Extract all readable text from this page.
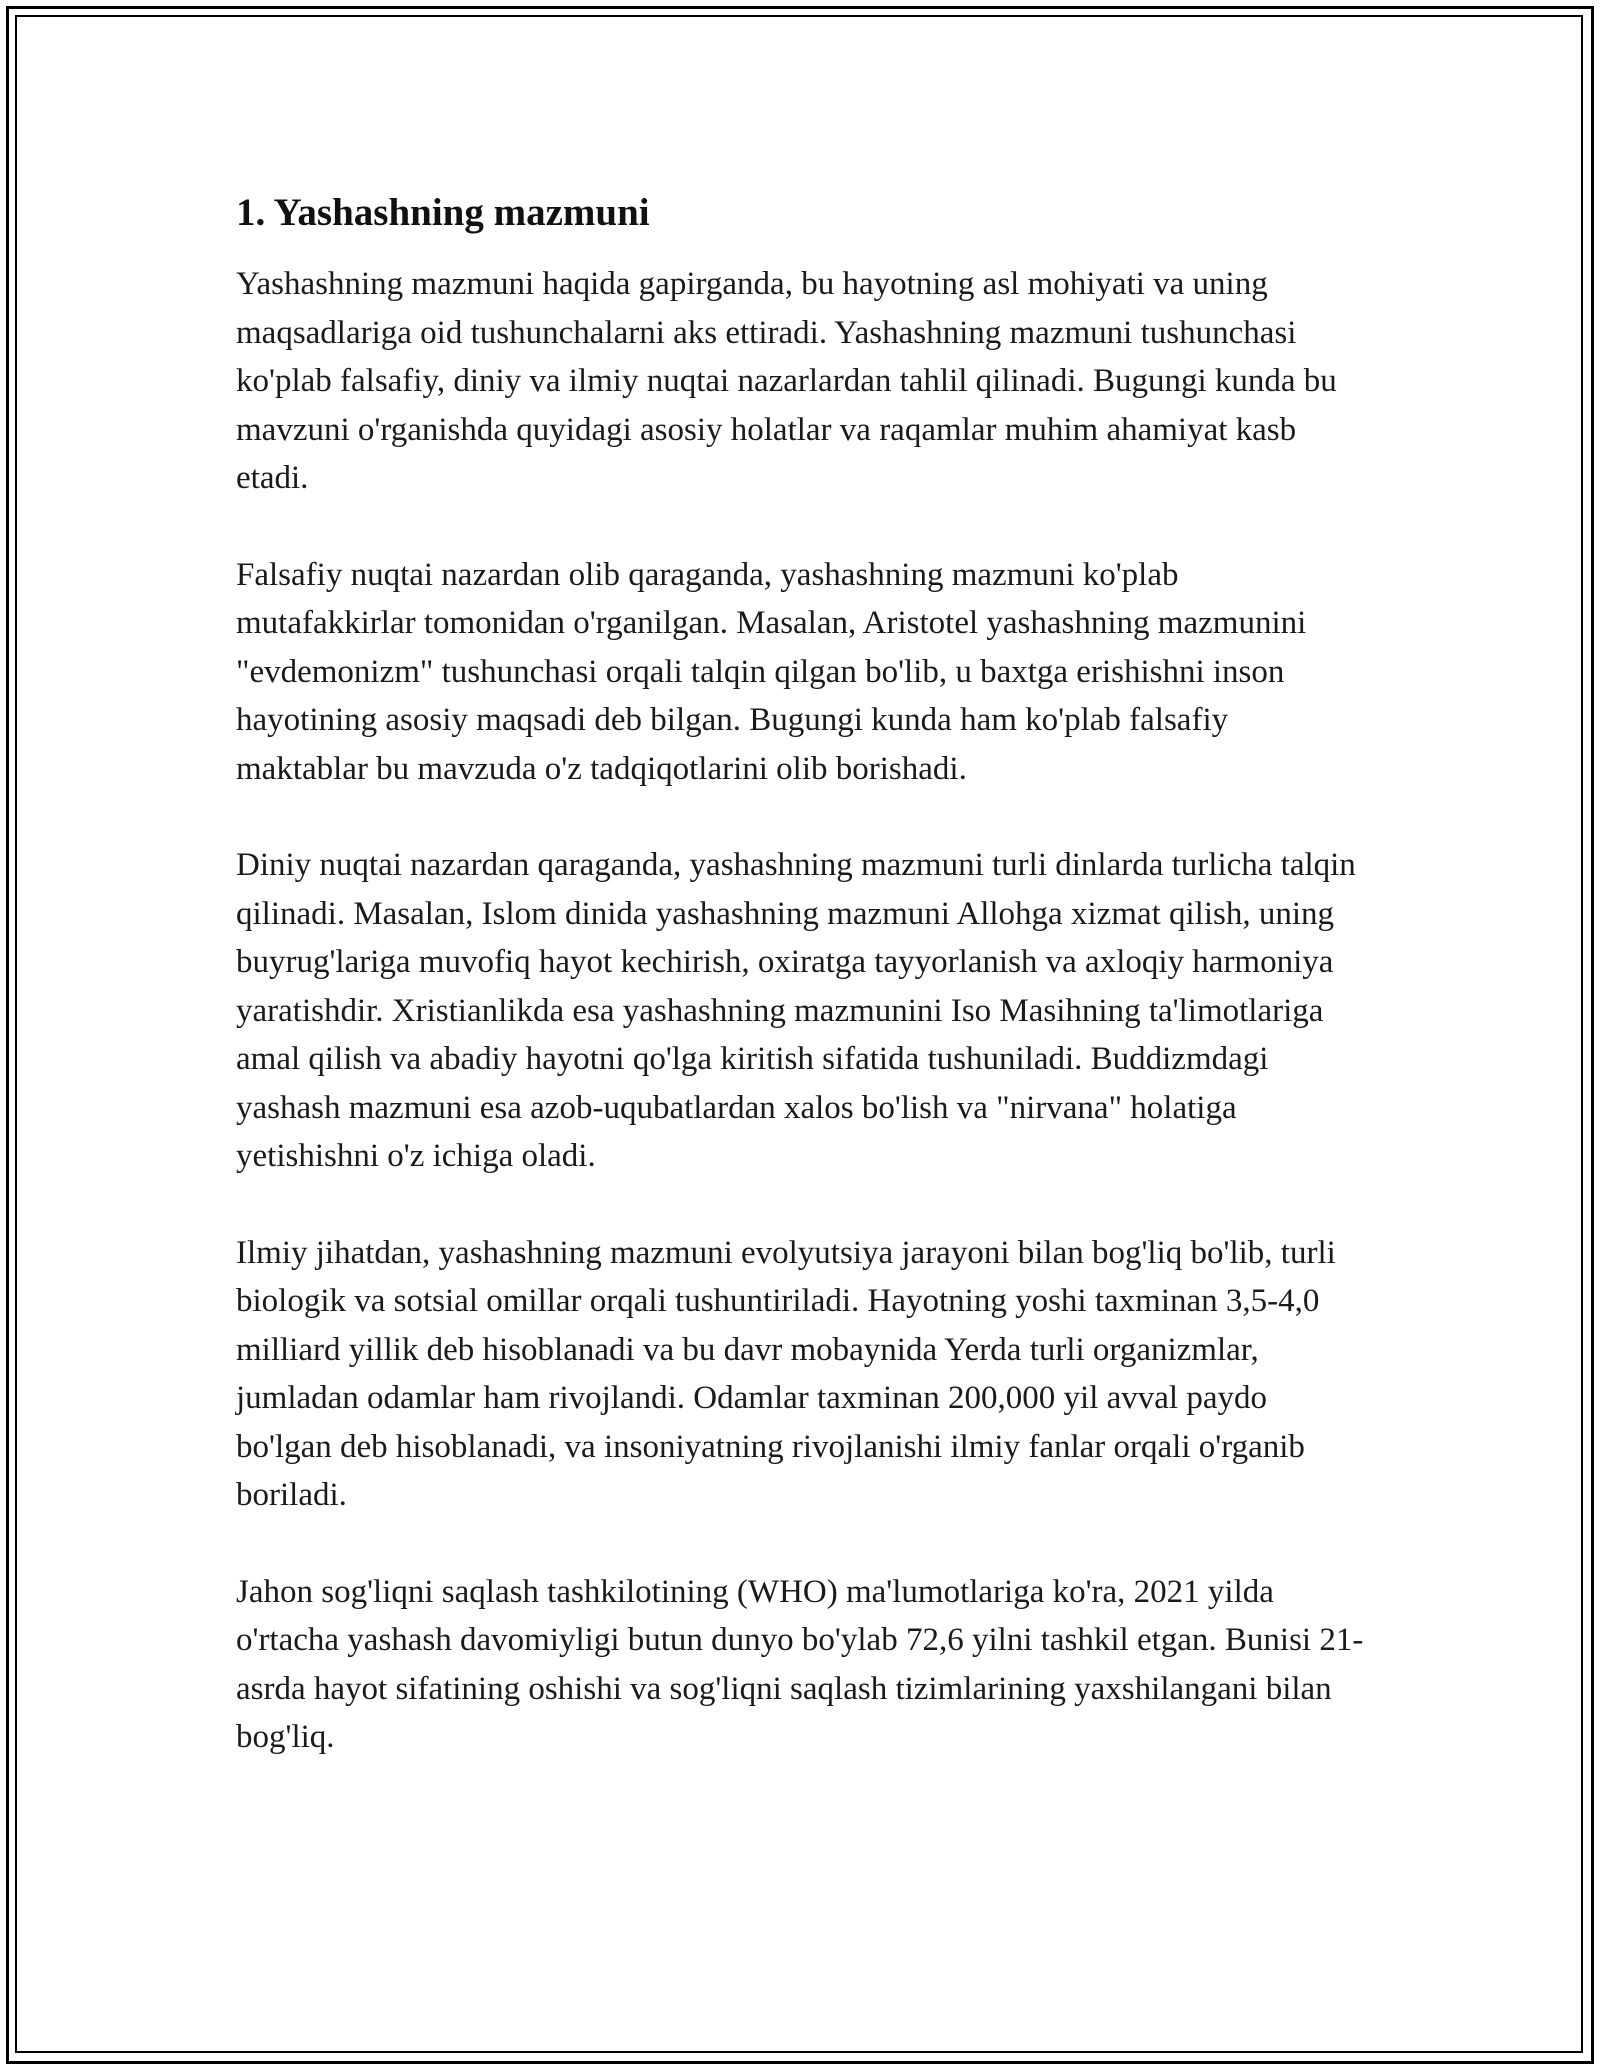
1. Yashashning mazmuni

Yashashning mazmuni haqida gapirganda, bu hayotning asl mohiyati va uning maqsadlariga oid tushunchalarni aks ettiradi. Yashashning mazmuni tushunchasi ko'plab falsafiy, diniy va ilmiy nuqtai nazarlardan tahlil qilinadi. Bugungi kunda bu mavzuni o'rganishda quyidagi asosiy holatlar va raqamlar muhim ahamiyat kasb etadi.

Falsafiy nuqtai nazardan olib qaraganda, yashashning mazmuni ko'plab mutafakkirlar tomonidan o'rganilgan. Masalan, Aristotel yashashning mazmunini "evdemonizm" tushunchasi orqali talqin qilgan bo'lib, u baxtga erishishni inson hayotining asosiy maqsadi deb bilgan. Bugungi kunda ham ko'plab falsafiy maktablar bu mavzuda o'z tadqiqotlarini olib borishadi.

Diniy nuqtai nazardan qaraganda, yashashning mazmuni turli dinlarda turlicha talqin qilinadi. Masalan, Islom dinida yashashning mazmuni Allohga xizmat qilish, uning buyrug'lariga muvofiq hayot kechirish, oxiratga tayyorlanish va axloqiy harmoniya yaratishdir. Xristianlikda esa yashashning mazmunini Iso Masihning ta'limotlariga amal qilish va abadiy hayotni qo'lga kiritish sifatida tushuniladi. Buddizmdagi yashash mazmuni esa azob-uqubatlardan xalos bo'lish va "nirvana" holatiga yetishishni o'z ichiga oladi.

Ilmiy jihatdan, yashashning mazmuni evolyutsiya jarayoni bilan bog'liq bo'lib, turli biologik va sotsial omillar orqali tushuntiriladi. Hayotning yoshi taxminan 3,5-4,0 milliard yillik deb hisoblanadi va bu davr mobaynida Yerda turli organizmlar, jumladan odamlar ham rivojlandi. Odamlar taxminan 200,000 yil avval paydo bo'lgan deb hisoblanadi, va insoniyatning rivojlanishi ilmiy fanlar orqali o'rganib boriladi.

Jahon sog'liqni saqlash tashkilotining (WHO) ma'lumotlariga ko'ra, 2021 yilda o'rtacha yashash davomiyligi butun dunyo bo'ylab 72,6 yilni tashkil etgan. Bunisi 21-asrda hayot sifatining oshishi va sog'liqni saqlash tizimlarining yaxshilangani bilan bog'liq.
